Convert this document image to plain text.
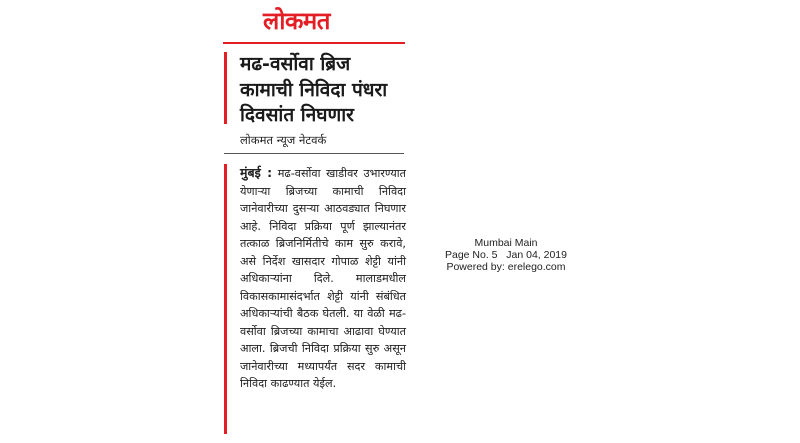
लोकमत
मढ-वर्सोवा ब्रिज कामाची निविदा पंधरा दिवसांत निघणार
लोकमत न्यूज नेटवर्क
मुंबई : मढ-वर्सोवा खाडीवर उभारण्यात येणाऱ्या ब्रिजच्या कामाची निविदा जानेवारीच्या दुसऱ्या आठवड्यात निघणार आहे. निविदा प्रक्रिया पूर्ण झाल्यानंतर तत्काळ ब्रिजनिर्मितीचे काम सुरु करावे, असे निर्देश खासदार गोपाळ शेट्टी यांनी अधिकाऱ्यांना दिले. मालाडमधील विकासकामासंदर्भात शेट्टी यांनी संबंधित अधिकाऱ्यांची बैठक घेतली. या वेळी मढ-वर्सोवा ब्रिजच्या कामाचा आढावा घेण्यात आला. ब्रिजची निविदा प्रक्रिया सुरु असून जानेवारीच्या मध्यापर्यंत सदर कामाची निविदा काढण्यात येईल.
Mumbai Main
Page No. 5   Jan 04, 2019
Powered by: erelego.com
